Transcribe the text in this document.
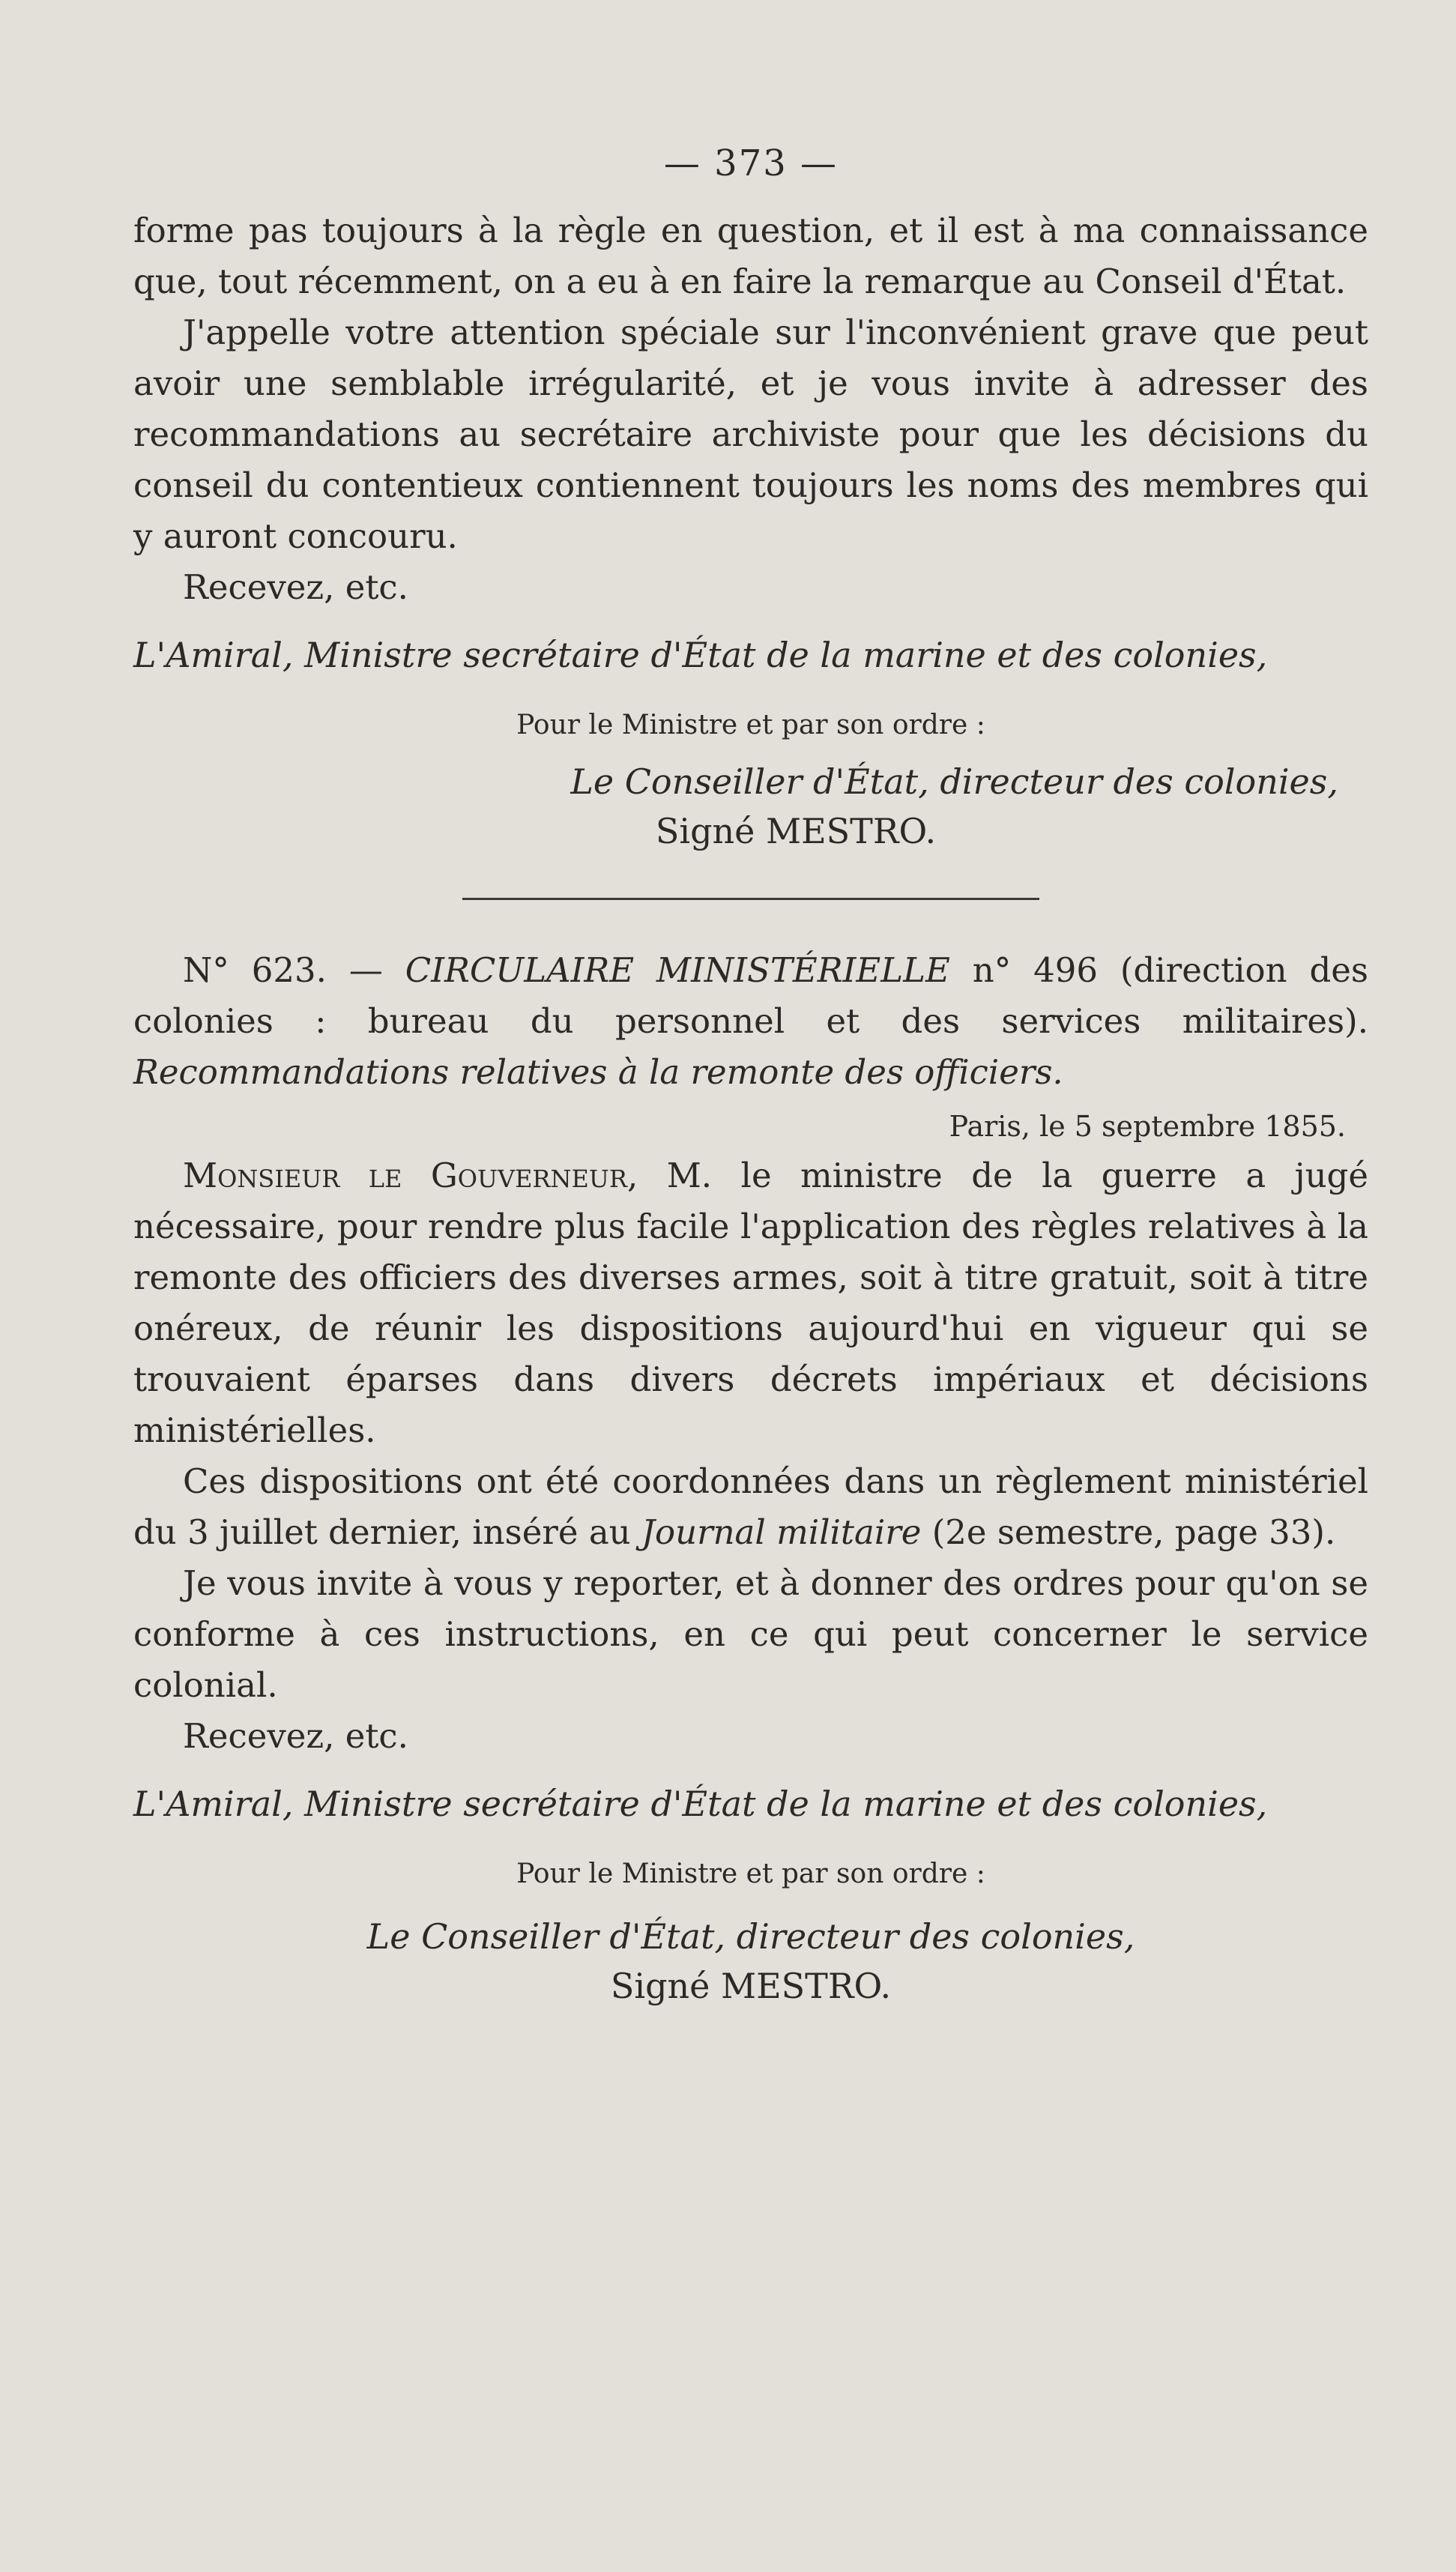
— 373 —

forme pas toujours à la règle en question, et il est à ma connaissance que, tout récemment, on a eu à en faire la remarque au Conseil d'État.

J'appelle votre attention spéciale sur l'inconvénient grave que peut avoir une semblable irrégularité, et je vous invite à adresser des recommandations au secrétaire archiviste pour que les décisions du conseil du contentieux contiennent toujours les noms des membres qui y auront concouru.

Recevez, etc.

L'Amiral, Ministre secrétaire d'État de la marine et des colonies,
Pour le Ministre et par son ordre :
Le Conseiller d'État, directeur des colonies,
Signé MESTRO.

N° 623. — CIRCULAIRE MINISTÉRIELLE n° 496 (direction des colonies : bureau du personnel et des services militaires). Recommandations relatives à la remonte des officiers.

Paris, le 5 septembre 1855.

Monsieur le Gouverneur, M. le ministre de la guerre a jugé nécessaire, pour rendre plus facile l'application des règles relatives à la remonte des officiers des diverses armes, soit à titre gratuit, soit à titre onéreux, de réunir les dispositions aujourd'hui en vigueur qui se trouvaient éparses dans divers décrets impériaux et décisions ministérielles.

Ces dispositions ont été coordonnées dans un règlement ministériel du 3 juillet dernier, inséré au Journal militaire (2e semestre, page 33).

Je vous invite à vous y reporter, et à donner des ordres pour qu'on se conforme à ces instructions, en ce qui peut concerner le service colonial.

Recevez, etc.

L'Amiral, Ministre secrétaire d'État de la marine et des colonies,
Pour le Ministre et par son ordre :
Le Conseiller d'État, directeur des colonies,
Signé MESTRO.
